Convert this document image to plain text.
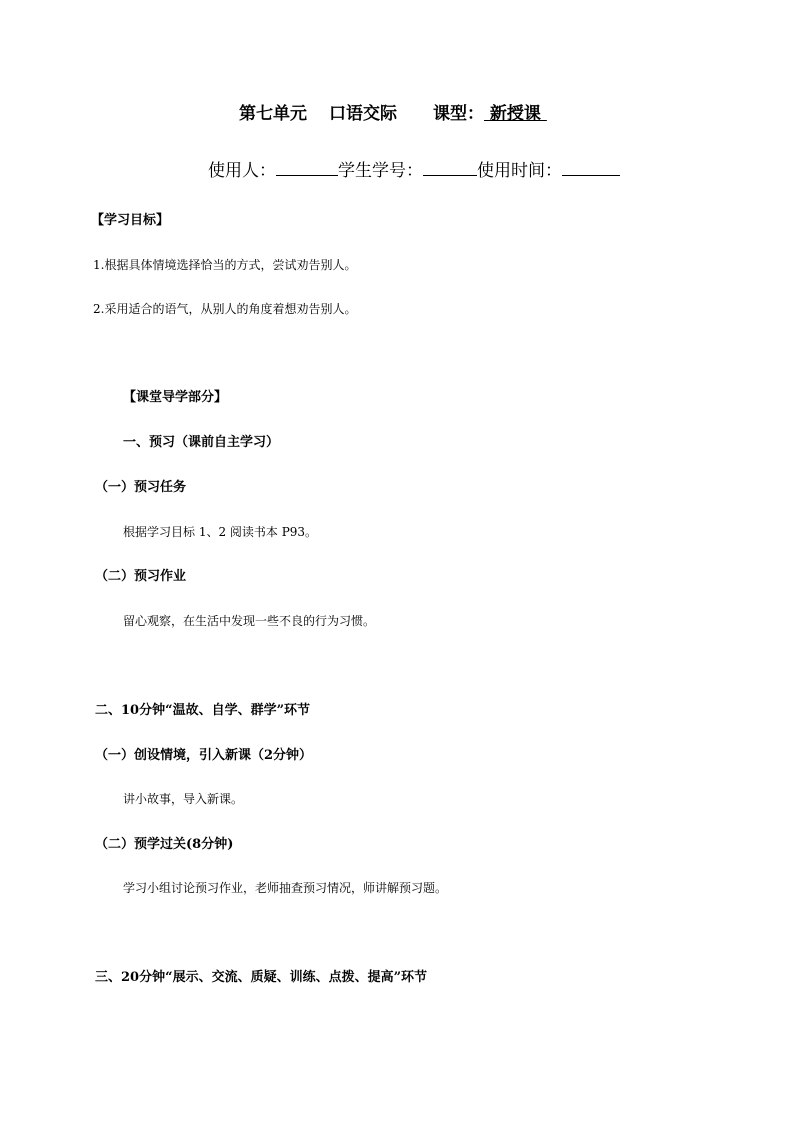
第七单元 口语交际 课型： 新授课
使用人：	学生学号：	使用时间：
【学习目标】
1.根据具体情境选择恰当的方式，尝试劝告别人。
2.采用适合的语气，从别人的角度着想劝告别人。
【课堂导学部分】
一、预习（课前自主学习）
（一）预习任务
根据学习目标 1、2 阅读书本 P93。
（二）预习作业
留心观察，在生活中发现一些不良的行为习惯。
二、10分钟“温故、自学、群学”环节
（一）创设情境，引入新课（2分钟）
讲小故事，导入新课。
（二）预学过关(8分钟)
学习小组讨论预习作业，老师抽查预习情况，师讲解预习题。
三、20分钟“展示、交流、质疑、训练、点拨、提高”环节
